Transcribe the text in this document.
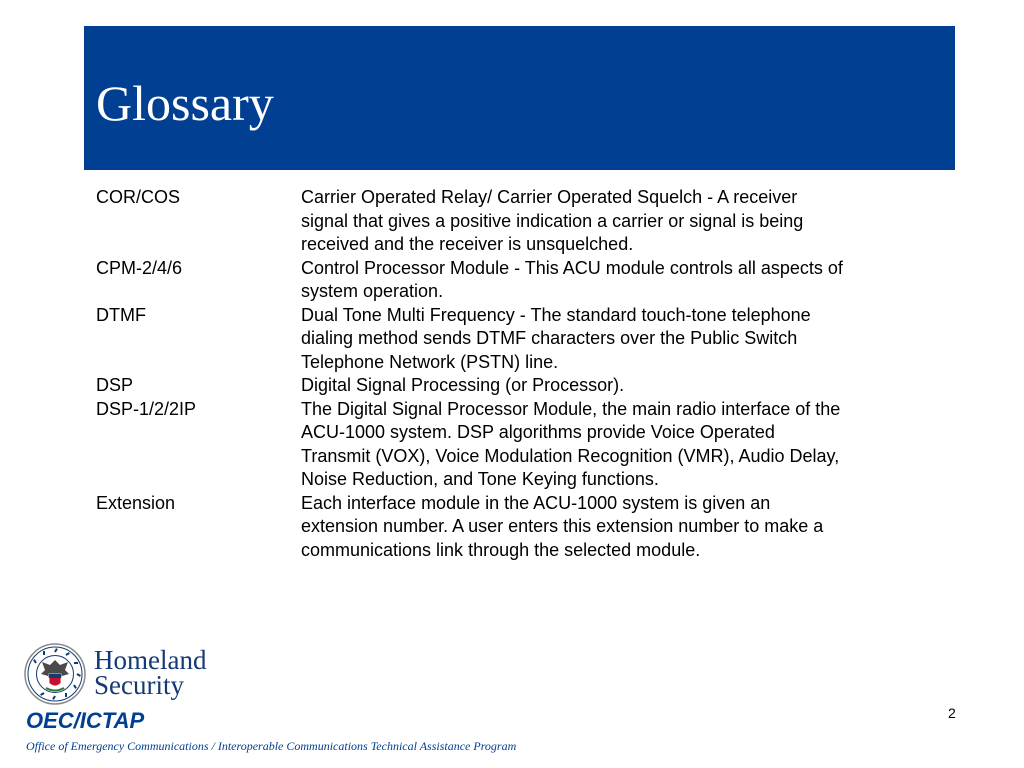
Glossary
COR/COS	Carrier Operated Relay/ Carrier Operated Squelch - A receiver
signal that gives a positive indication a carrier or signal is being
received and the receiver is unsquelched.
CPM-2/4/6	Control Processor Module - This ACU module controls all aspects of
system operation.
DTMF	Dual Tone Multi Frequency - The standard touch-tone telephone
dialing method sends DTMF characters over the Public Switch
Telephone Network (PSTN) line.
DSP	Digital Signal Processing (or Processor).
DSP-1/2/2IP	The Digital Signal Processor Module, the main radio interface of the
ACU-1000 system. DSP algorithms provide Voice Operated
Transmit (VOX), Voice Modulation Recognition (VMR), Audio Delay,
Noise Reduction, and Tone Keying functions.
Extension	Each interface module in the ACU-1000 system is given an
extension number. A user enters this extension number to make a
communications link through the selected module.
Homeland
Security
OEC/ICTAP
Office of Emergency Communications / Interoperable Communications Technical Assistance Program
2
